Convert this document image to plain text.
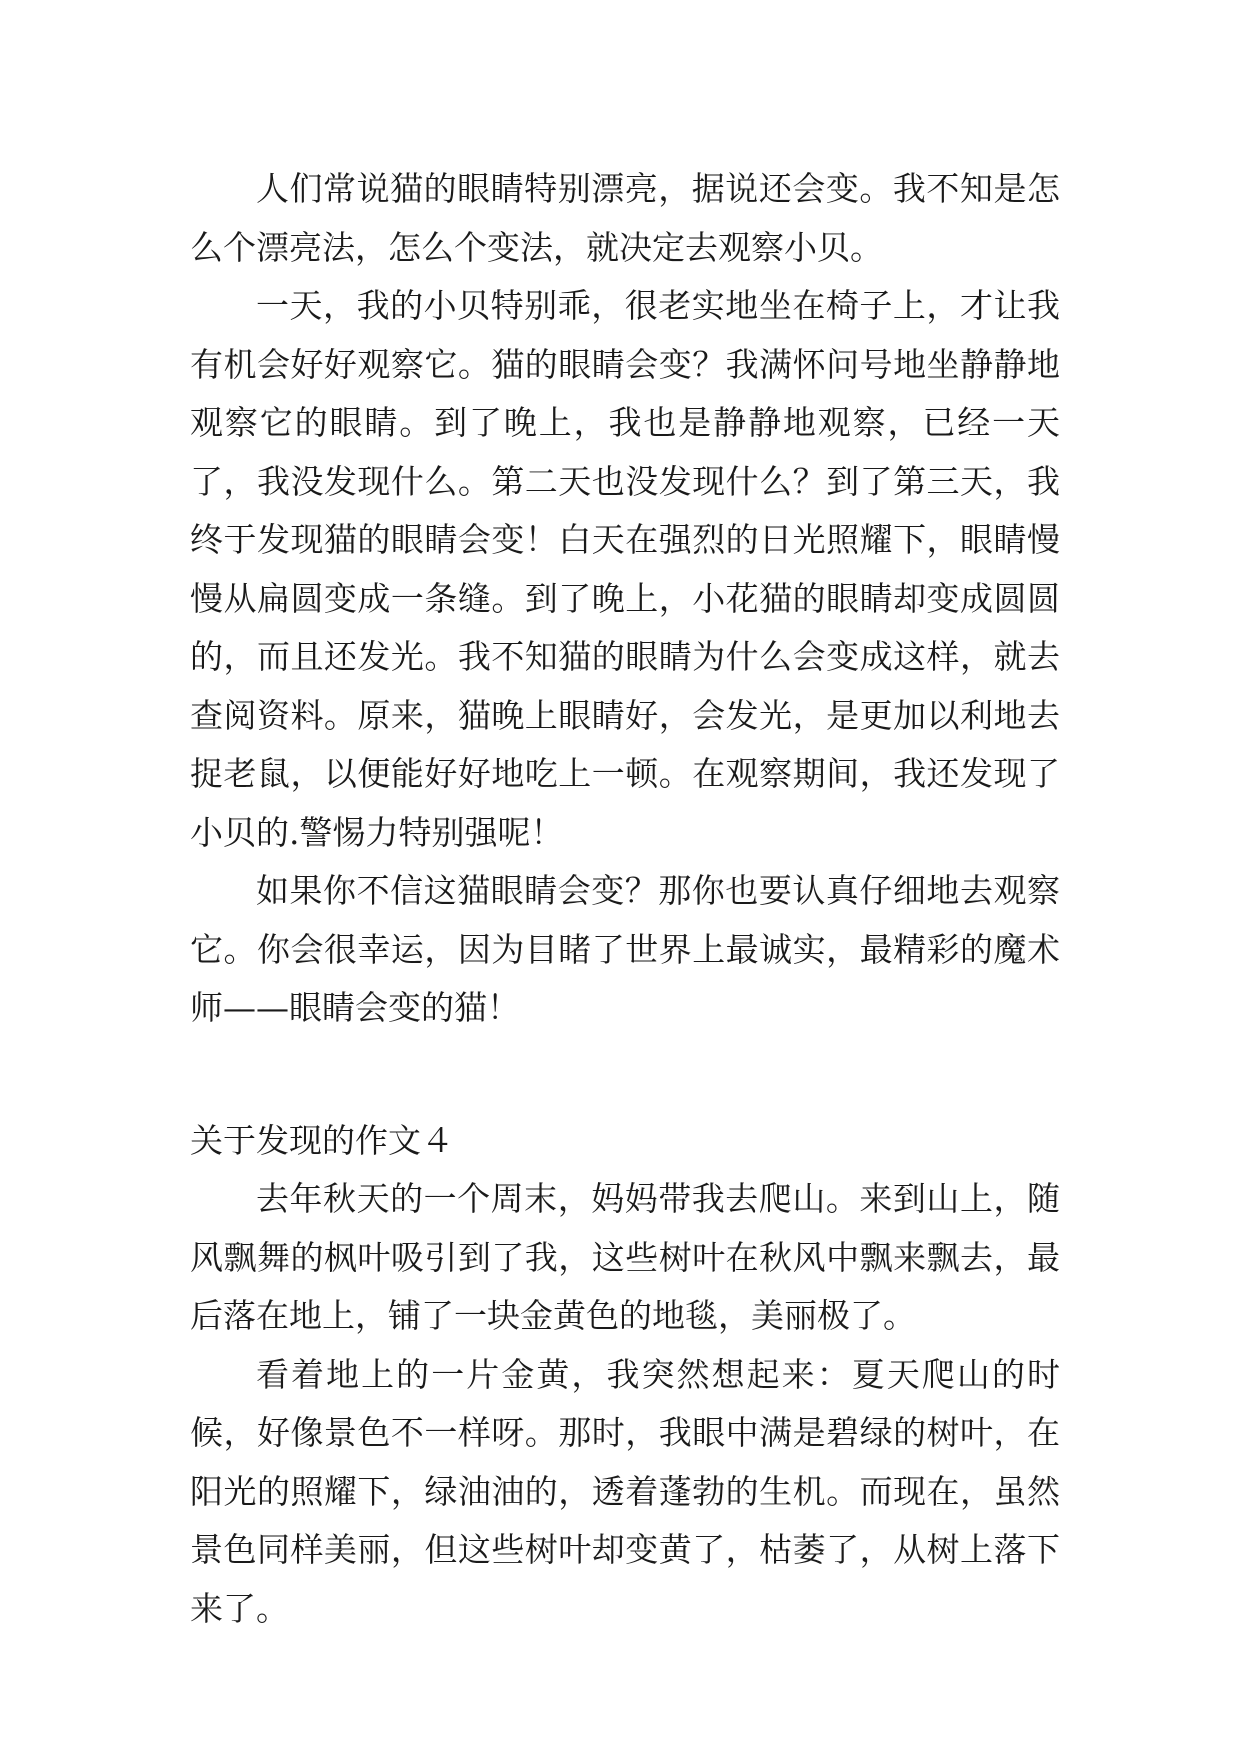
人们常说猫的眼睛特别漂亮，据说还会变。我不知是怎么个漂亮法，怎么个变法，就决定去观察小贝。

一天，我的小贝特别乖，很老实地坐在椅子上，才让我有机会好好观察它。猫的眼睛会变？我满怀问号地坐静静地观察它的眼睛。到了晚上，我也是静静地观察，已经一天了，我没发现什么。第二天也没发现什么？到了第三天，我终于发现猫的眼睛会变！白天在强烈的日光照耀下，眼睛慢慢从扁圆变成一条缝。到了晚上，小花猫的眼睛却变成圆圆的，而且还发光。我不知猫的眼睛为什么会变成这样，就去查阅资料。原来，猫晚上眼睛好，会发光，是更加以利地去捉老鼠，以便能好好地吃上一顿。在观察期间，我还发现了小贝的.警惕力特别强呢！

如果你不信这猫眼睛会变？那你也要认真仔细地去观察它。你会很幸运，因为目睹了世界上最诚实，最精彩的魔术师——眼睛会变的猫！

关于发现的作文４

去年秋天的一个周末，妈妈带我去爬山。来到山上，随风飘舞的枫叶吸引到了我，这些树叶在秋风中飘来飘去，最后落在地上，铺了一块金黄色的地毯，美丽极了。

看着地上的一片金黄，我突然想起来：夏天爬山的时候，好像景色不一样呀。那时，我眼中满是碧绿的树叶，在阳光的照耀下，绿油油的，透着蓬勃的生机。而现在，虽然景色同样美丽，但这些树叶却变黄了，枯萎了，从树上落下来了。
